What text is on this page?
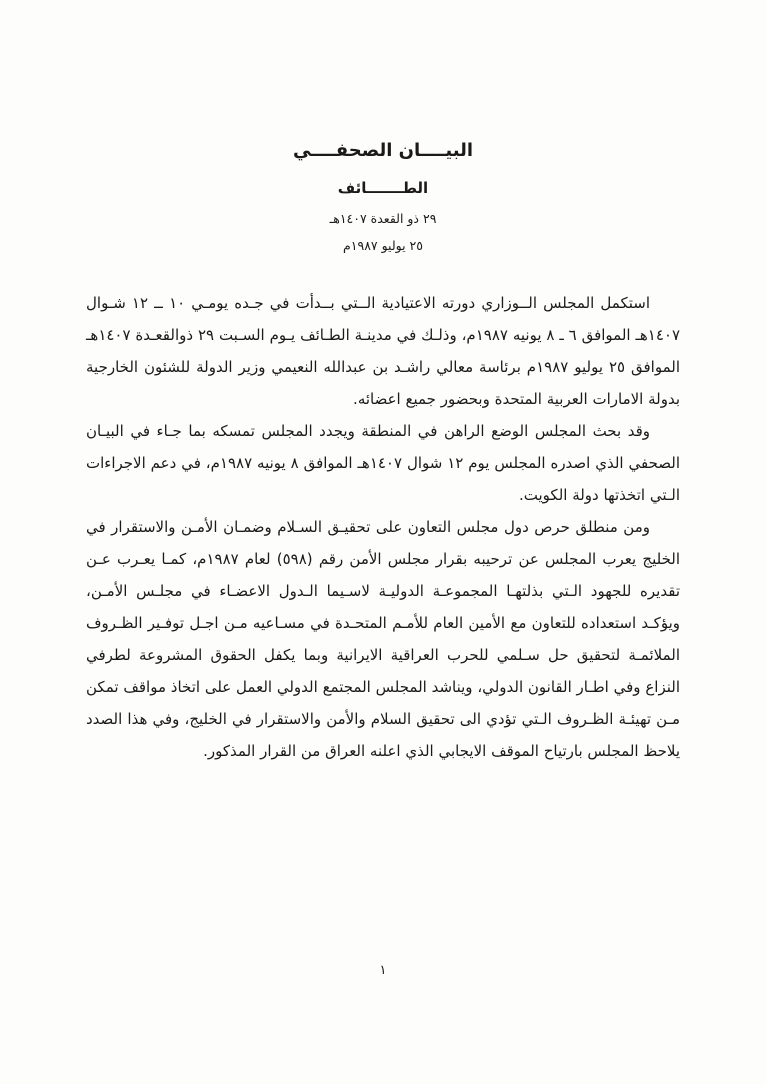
البيــــان الصحفــــي
الطـــــــائف
٢٩ ذو القعدة ١٤٠٧هـ
٢٥ يوليو ١٩٨٧م

استكمل المجلس الــوزاري دورته الاعتيادية الــتي بــدأت في جـده يومـي ١٠ ــ ١٢ شـوال ١٤٠٧هـ الموافق ٦ ـ ٨ يونيه ١٩٨٧م، وذلـك في مدينـة الطـائف يـوم السـبت ٢٩ ذوالقعـدة ١٤٠٧هـ الموافق ٢٥ يوليو ١٩٨٧م برئاسة معالي راشـد بن عبدالله النعيمي وزير الدولة للشئون الخارجية بدولة الامارات العربية المتحدة وبحضور جميع اعضائه.

وقد بحث المجلس الوضع الراهن في المنطقة ويجدد المجلس تمسكه بما جـاء في البيـان الصحفي الذي اصدره المجلس يوم ١٢ شوال ١٤٠٧هـ الموافق ٨ يونيه ١٩٨٧م، في دعم الاجراءات الـتي اتخذتها دولة الكويت.

ومن منطلق حرص دول مجلس التعاون على تحقيـق السـلام وضمـان الأمـن والاستقرار في الخليج يعرب المجلس عن ترحيبه بقرار مجلس الأمن رقم (٥٩٨) لعام ١٩٨٧م، كمـا يعـرب عـن تقديره للجهود الـتي بذلتهـا المجموعـة الدوليـة لاسـيما الـدول الاعضـاء في مجلـس الأمـن، ويؤكـد استعداده للتعاون مع الأمين العام للأمـم المتحـدة في مسـاعيه مـن اجـل توفـير الظـروف الملائمـة لتحقيق حل سـلمي للحرب العراقية الايرانية وبما يكفل الحقوق المشروعة لطرفي النزاع وفي اطـار القانون الدولي، ويناشد المجلس المجتمع الدولي العمل على اتخاذ مواقف تمكن مـن تهيئـة الظـروف الـتي تؤدي الى تحقيق السلام والأمن والاستقرار في الخليج، وفي هذا الصدد يلاحظ المجلس بارتياح الموقف الايجابي الذي اعلنه العراق من القرار المذكور.

١
